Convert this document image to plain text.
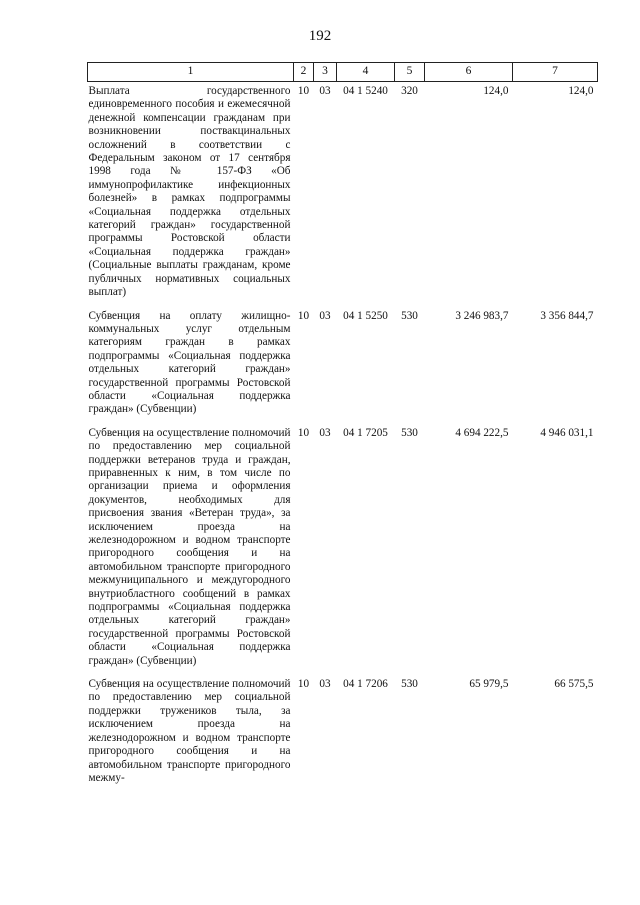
192
1	2	3	4	5	6	7
Выплата государственного единовременного пособия и ежемесячной денежной компенсации гражданам при возникновении поствакцинальных осложнений в соответствии с Федеральным законом от 17 сентября 1998 года № 157-ФЗ «Об иммунопрофилактике инфекционных болезней» в рамках подпрограммы «Социальная поддержка отдельных категорий граждан» государственной программы Ростовской области «Социальная поддержка граждан» (Социальные выплаты гражданам, кроме публичных нормативных социальных выплат)	10	03	04 1 5240	320	124,0	124,0
Субвенция на оплату жилищно-коммунальных услуг отдельным категориям граждан в рамках подпрограммы «Социальная поддержка отдельных категорий граждан» государственной программы Ростовской области «Социальная поддержка граждан» (Субвенции)	10	03	04 1 5250	530	3 246 983,7	3 356 844,7
Субвенция на осуществление полномочий по предоставлению мер социальной поддержки ветеранов труда и граждан, приравненных к ним, в том числе по организации приема и оформления документов, необходимых для присвоения звания «Ветеран труда», за исключением проезда на железнодорожном и водном транспорте пригородного сообщения и на автомобильном транспорте пригородного межмуниципального и междугородного внутриобластного сообщений в рамках подпрограммы «Социальная поддержка отдельных категорий граждан» государственной программы Ростовской области «Социальная поддержка граждан» (Субвенции)	10	03	04 1 7205	530	4 694 222,5	4 946 031,1
Субвенция на осуществление полномочий по предоставлению мер социальной поддержки тружеников тыла, за исключением проезда на железнодорожном и водном транспорте пригородного сообщения и на автомобильном транспорте пригородного межму-	10	03	04 1 7206	530	65 979,5	66 575,5
